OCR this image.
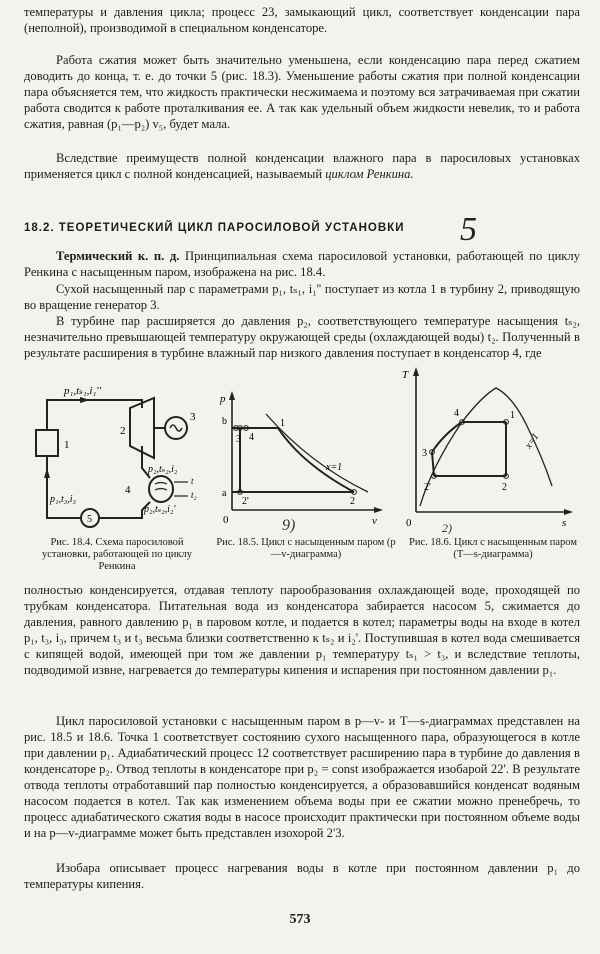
температуры и давления цикла; процесс 23, замыкающий цикл, соответствует конденсации пара (неполной), производимой в специальном конденсаторе.

Работа сжатия может быть значительно уменьшена, если конденсацию пара перед сжатием доводить до конца, т. е. до точки 5 (рис. 18.3). Уменьшение работы сжатия при полной конденсации пара объясняется тем, что жидкость практически несжимаема и поэтому вся затрачиваемая при сжатии работа сводится к работе проталкивания ее. А так как удельный объем жидкости невелик, то и работа сжатия, равная (p₁—p₂) v₅, будет мала.

Вследствие преимуществ полной конденсации влажного пара в паросиловых установках применяется цикл с полной конденсацией, называемый циклом Ренкина.

18.2. ТЕОРЕТИЧЕСКИЙ ЦИКЛ ПАРОСИЛОВОЙ УСТАНОВКИ	5

Термический к. п. д. Принципиальная схема паросиловой установки, работающей по циклу Ренкина с насыщенным паром, изображена на рис. 18.4.

Сухой насыщенный пар с параметрами p₁, tₛ₁, i₁'' поступает из котла 1 в турбину 2, приводящую во вращение генератор 3.

В турбине пар расширяется до давления p₂, соответствующего температуре насыщения tₛ₂, незначительно превышающей температуру окружающей среды (охлаждающей воды) t₂. Полученный в результате расширения в турбине влажный пар низкого давления поступает в конденсатор 4, где

p₁,tₛ₁,i₁''
1
2
3
4
5
p₂,tₛ₂,i₂
p₂,tₛ₂,i₂'
p₁,t₃,i₃
t
t₂
Рис. 18.4. Схема паросиловой установки, работающей по циклу Ренкина
p
v
0
a
b
3 4
1
2
2'
x=1
9)
Рис. 18.5. Цикл с насыщенным паром (p—v-диаграмма)
T
s
0
3
4	1
2
2'
x=1
2)
Рис. 18.6. Цикл с насыщенным паром (T—s-диаграмма)

полностью конденсируется, отдавая теплоту парообразования охлаждающей воде, проходящей по трубкам конденсатора. Питательная вода из конденсатора забирается насосом 5, сжимается до давления, равного давлению p₁ в паровом котле, и подается в котел; параметры воды на входе в котел p₁, t₃, i₃, причем t₃ и t₃ весьма близки соответственно к tₛ₂ и i₂'. Поступившая в котел вода смешивается с кипящей водой, имеющей при том же давлении p₁ температуру tₛ₁ > t₃, и вследствие теплоты, подводимой извне, нагревается до температуры кипения и испарения при постоянном давлении p₁.

Цикл паросиловой установки с насыщенным паром в p—v- и T—s-диаграммах представлен на рис. 18.5 и 18.6. Точка 1 соответствует состоянию сухого насыщенного пара, образующегося в котле при давлении p₁. Адиабатический процесс 12 соответствует расширению пара в турбине до давления в конденсаторе p₂. Отвод теплоты в конденсаторе при p₂ = const изображается изобарой 22'. В результате отвода теплоты отработавший пар полностью конденсируется, а образовавшийся конденсат водяным насосом подается в котел. Так как изменением объема воды при ее сжатии можно пренебречь, то процесс адиабатического сжатия воды в насосе происходит практически при постоянном объеме воды и на p—v-диаграмме может быть представлен изохорой 2'3.

Изобара описывает процесс нагревания воды в котле при постоянном давлении p₁ до температуры кипения.

573
